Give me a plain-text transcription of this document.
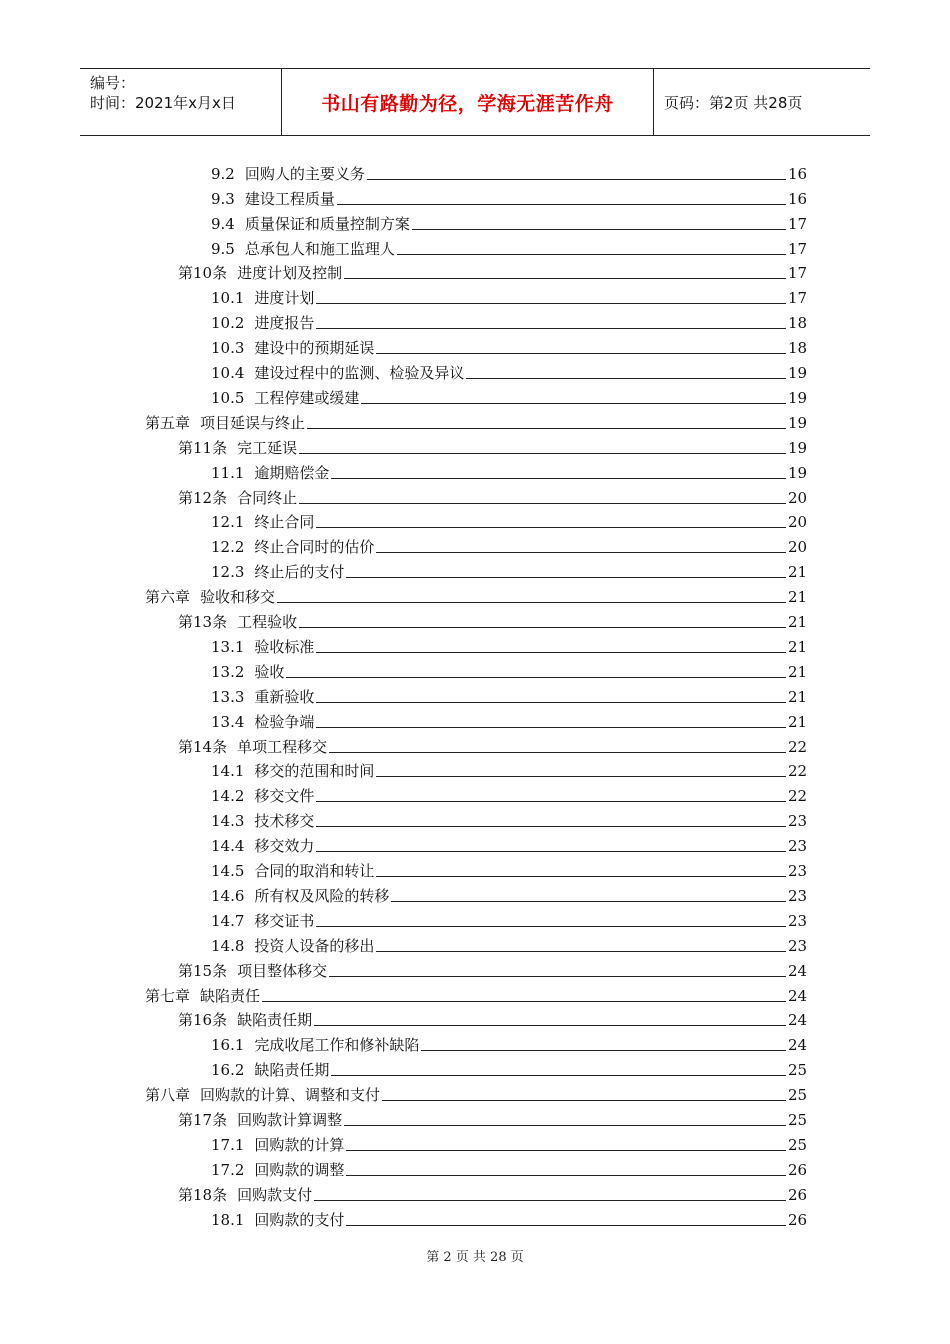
编号：
时间：2021年x月x日	书山有路勤为径，学海无涯苦作舟	页码：第2页 共28页
9.2 回购人的主要义务	16
9.3 建设工程质量	16
9.4 质量保证和质量控制方案	17
9.5 总承包人和施工监理人	17
第10条 进度计划及控制	17
10.1 进度计划	17
10.2 进度报告	18
10.3 建设中的预期延误	18
10.4 建设过程中的监测、检验及异议	19
10.5 工程停建或缓建	19
第五章 项目延误与终止	19
第11条 完工延误	19
11.1 逾期赔偿金	19
第12条 合同终止	20
12.1 终止合同	20
12.2 终止合同时的估价	20
12.3 终止后的支付	21
第六章 验收和移交	21
第13条 工程验收	21
13.1 验收标准	21
13.2 验收	21
13.3 重新验收	21
13.4 检验争端	21
第14条 单项工程移交	22
14.1 移交的范围和时间	22
14.2 移交文件	22
14.3 技术移交	23
14.4 移交效力	23
14.5 合同的取消和转让	23
14.6 所有权及风险的转移	23
14.7 移交证书	23
14.8 投资人设备的移出	23
第15条 项目整体移交	24
第七章 缺陷责任	24
第16条 缺陷责任期	24
16.1 完成收尾工作和修补缺陷	24
16.2 缺陷责任期	25
第八章 回购款的计算、调整和支付	25
第17条 回购款计算调整	25
17.1 回购款的计算	25
17.2 回购款的调整	26
第18条 回购款支付	26
18.1 回购款的支付	26
第 2 页 共 28 页
